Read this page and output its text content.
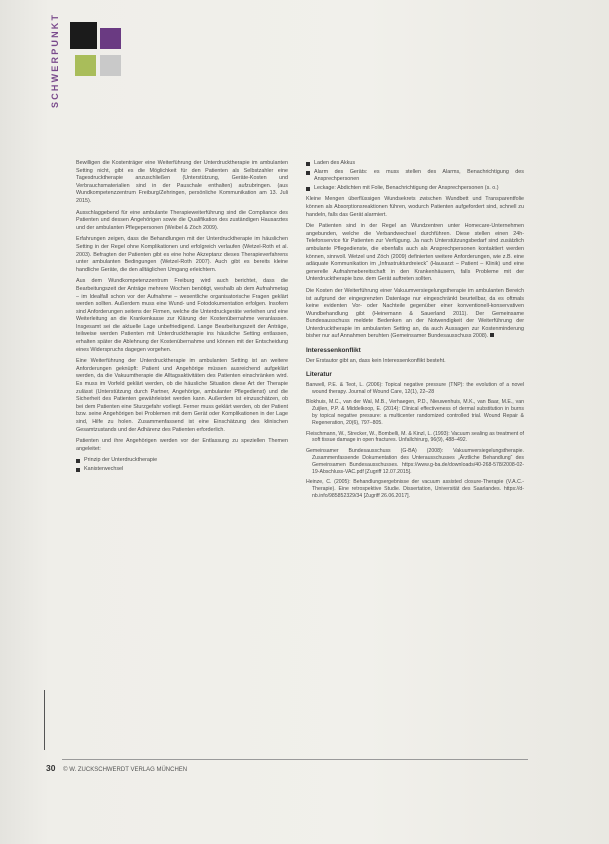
SCHWERPUNKT

Bewilligen die Kostenträger eine Weiterführung der Unterdrucktherapie im ambulanten Setting nicht, gibt es die Möglichkeit für den Patienten als Selbstzahler eine Tagesdrucktherapie anzuschließen (Unterstützung, Geräte-Kosten und Verbrauchsmaterialien sind in der Pauschale enthalten) aufzubringen. (aus Wundkompetenzzentrum Freiburg/Zehringen, persönliche Kommunikation am 13. Juli 2015).

Ausschlaggebend für eine ambulante Therapieweiterführung sind die Compliance des Patienten und dessen Angehörigen sowie die Qualifikation des zuständigen Hausarztes und der ambulanten Pflegepersonen (Weibel & Zöch 2009).

Erfahrungen zeigen, dass die Behandlungen mit der Unterdrucktherapie im häuslichen Setting in der Regel ohne Komplikationen und erfolgreich verlaufen (Wetzel-Roth et al. 2003). Befragten der Patienten gibt es eine hohe Akzeptanz dieses Therapieverfahrens unter ambulanten Bedingungen (Wetzel-Roth 2007). Auch gibt es bereits kleine handliche Geräte, die den alltäglichen Umgang erleichtern.

Aus dem Wundkompetenzzentrum Freiburg wird auch berichtet, dass die Bearbeitungszeit der Anträge mehrere Wochen benötigt, weshalb ab dem Aufnahmetag – im Idealfall schon vor der Aufnahme – wesentliche organisatorische Fragen geklärt werden sollten. Außerdem muss eine Wund- und Fotodokumentation erfolgen. Insofern sind Anforderungen seitens der Firmen, welche die Unterdruckgeräte verleihen und eine Weiterleitung an die Krankenkasse zur Klärung der Kostenübernahme veranlassen. Insgesamt sei die aktuelle Lage unbefriedigend. Lange Bearbeitungszeit der Anträge, teilweise werden Patienten mit Unterdrucktherapie ins häusliche Setting entlassen, erhalten später die Ablehnung der Kostenübernahme und können mit der Entscheidung eines Widerspruchs dagegen vorgehen.

Eine Weiterführung der Unterdrucktherapie im ambulanten Setting ist an weitere Anforderungen geknüpft: Patient und Angehörige müssen ausreichend aufgeklärt werden, da die Vakuumtherapie die Alltagsaktivitäten des Patienten einschränken wird. Es muss im Vorfeld geklärt werden, ob die häusliche Situation diese Art der Therapie zulässt (Unterstützung durch Partner, Angehörige, ambulanter Pflegedienst) und die Sicherheit des Patienten gewährleistet werden kann. Außerdem ist einzuschätzen, ob bei dem Patienten eine Sturzgefahr vorliegt. Ferner muss geklärt werden, ob der Patient bzw. seine Angehörigen bei Problemen mit dem Gerät oder Komplikationen in der Lage sind, Hilfe zu holen. Zusammenfassend ist eine Einschätzung des klinischen Gesamtzustands und der Adhärenz des Patienten erforderlich.

Patienten und ihre Angehörigen werden vor der Entlassung zu speziellen Themen angeleitet:

Prinzip der Unterdrucktherapie
Kanisterwechsel
Laden des Akkus
Alarm des Geräts: es muss stellen des Alarms, Benachrichtigung des Ansprechpersonen
Leckage: Abdichten mit Folie, Benachrichtigung der Ansprechpersonen (s. o.)

Kleine Mengen überflüssigen Wundsekrets zwischen Wundbett und Transparentfolie können als Absorptionsreaktionen führen, wodurch Patienten aufgefordert sind, schnell zu handeln, falls das Gerät alarmiert.

Die Patienten sind in der Regel an Wundzentren unter Homecare-Unternehmen angebunden, welche die Verbandwechsel durchführen. Diese stellen einen 24h-Telefonservice für Patienten zur Verfügung. Ja nach Unterstützungsbedarf sind zusätzlich ambulante Pflegedienste, die ebenfalls auch als Ansprechpersonen kontaktiert werden können, sinnvoll. Wetzel und Zöch (2009) definierten weitere Anforderungen, wie z.B. eine adäquate Kommunikation im „Infrastrukturdreieck“ (Hausarzt – Patient – Klinik) und eine generelle Aufnahmebereitschaft in den Krankenhäusern, falls Probleme mit der Unterdrucktherapie bzw. dem Gerät auftreten sollten.

Die Kosten der Weiterführung einer Vakuumversiegelungstherapie im ambulanten Bereich ist aufgrund der eingegrenzten Datenlage nur eingeschränkt beurteilbar, da es oftmals keine evidenten Vor- oder Nachteile gegenüber einer konventionell-konservativen Wundbehandlung gibt (Heinemann & Sauerland 2011). Der Gemeinsame Bundesausschuss meldete Bedenken an der Notwendigkeit der Weiterführung der Unterdrucktherapie im ambulanten Setting an, da auch Aussagen zur Kostenminderung bisher nur auf Annahmen beruhten (Gemeinsamer Bundesausschuss 2008).

Interessenkonflikt

Der Erstautor gibt an, dass kein Interessenkonflikt besteht.

Literatur

Banwell, P.E. & Teot, L. (2006): Topical negative pressure (TNP): the evolution of a novel wound therapy. Journal of Wound Care, 12(1), 22–28

Blokhuis, M.C., van der Wal, M.B., Verhaegen, P.D., Nieuwenhuis, M.K., van Baar, M.E., van Zuijlen, P.P. & Middelkoop, E. (2014): Clinical effectiveness of dermal substitution in burns by topical negative pressure: a multicenter randomized controlled trial. Wound Repair & Regeneration, 20(6), 797–805.

Fleischmann, W., Strecker, W., Bombelli, M. & Kinzl, L. (1993): Vacuum sealing as treatment of soft tissue damage in open fractures. Unfallchirurg, 96(9), 488–492.

Gemeinsamer Bundesausschuss (G-BA) (2008): Vakuumversiegelungstherapie. Zusammenfassende Dokumentation des Unterausschusses „Ärztliche Behandlung“ des Gemeinsamen Bundesausschusses. https://www.g-ba.de/downloads/40-268-578/2008-02-19-Abschluss-VAC.pdf [Zugriff 12.07.2015].

Heinze, C. (2005): Behandlungsergebnisse der vacuum assisted closure-Therapie (V.A.C.-Therapie). Eine retrospektive Studie. Dissertation, Universität des Saarlandes. https://d-nb.info/985852329/34 [Zugriff 26.06.2017].

30 © W. ZUCKSCHWERDT VERLAG MÜNCHEN
